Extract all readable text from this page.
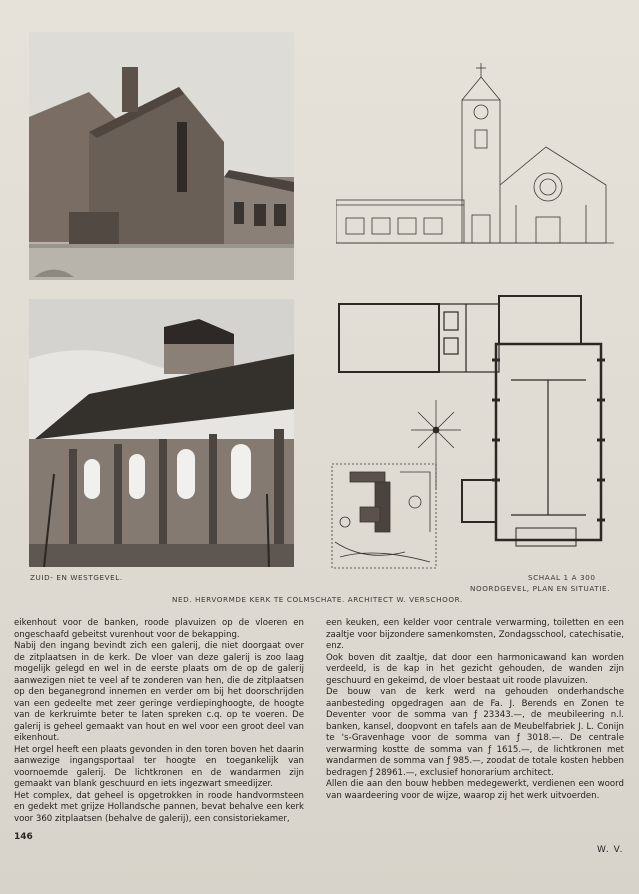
ZUID- EN WESTGEVEL.	SCHAAL 1 A 300
NOORDGEVEL, PLAN EN SITUATIE.
NED. HERVORMDE KERK TE COLMSCHATE. ARCHITECT W. VERSCHOOR.

eikenhout voor de banken, roode plavuizen op de vloeren en ongeschaafd gebeitst vurenhout voor de bekapping.

Nabij den ingang bevindt zich een galerij, die niet doorgaat over de zitplaatsen in de kerk. De vloer van deze galerij is zoo laag mogelijk gelegd en wel in de eerste plaats om de op de galerij aanwezigen niet te veel af te zonderen van hen, die de zitplaatsen op den beganegrond innemen en verder om bij het doorschrijden van een gedeelte met zeer geringe verdiepinghoogte, de hoogte van de kerkruimte beter te laten spreken c.q. op te voeren. De galerij is geheel gemaakt van hout en wel voor een groot deel van eikenhout.

Het orgel heeft een plaats gevonden in den toren boven het daarin aanwezige ingangsportaal ter hoogte en toegankelijk van voornoemde galerij. De lichtkronen en de wandarmen zijn gemaakt van blank geschuurd en iets ingezwart smeedijzer.

Het complex, dat geheel is opgetrokken in roode handvormsteen en gedekt met grijze Hollandsche pannen, bevat behalve een kerk voor 360 zitplaatsen (behalve de galerij), een consistoriekamer,

een keuken, een kelder voor centrale verwarming, toiletten en een zaaltje voor bijzondere samenkomsten, Zondagsschool, catechisatie, enz.

Ook boven dit zaaltje, dat door een harmonicawand kan worden verdeeld, is de kap in het gezicht gehouden, de wanden zijn geschuurd en gekeimd, de vloer bestaat uit roode plavuizen.

De bouw van de kerk werd na gehouden onderhandsche aanbesteding opgedragen aan de Fa. J. Berends en Zonen te Deventer voor de somma van ƒ 23343.—, de meubileering n.l. banken, kansel, doopvont en tafels aan de Meubelfabriek J. L. Conijn te 's-Gravenhage voor de somma van ƒ 3018.—. De centrale verwarming kostte de somma van ƒ 1615.—, de lichtkronen met wandarmen de somma van ƒ 985.—, zoodat de totale kosten hebben bedragen ƒ 28961.—, exclusief honorarium architect.

Allen die aan den bouw hebben medegewerkt, verdienen een woord van waardeering voor de wijze, waarop zij het werk uitvoerden.

146
W. V.
